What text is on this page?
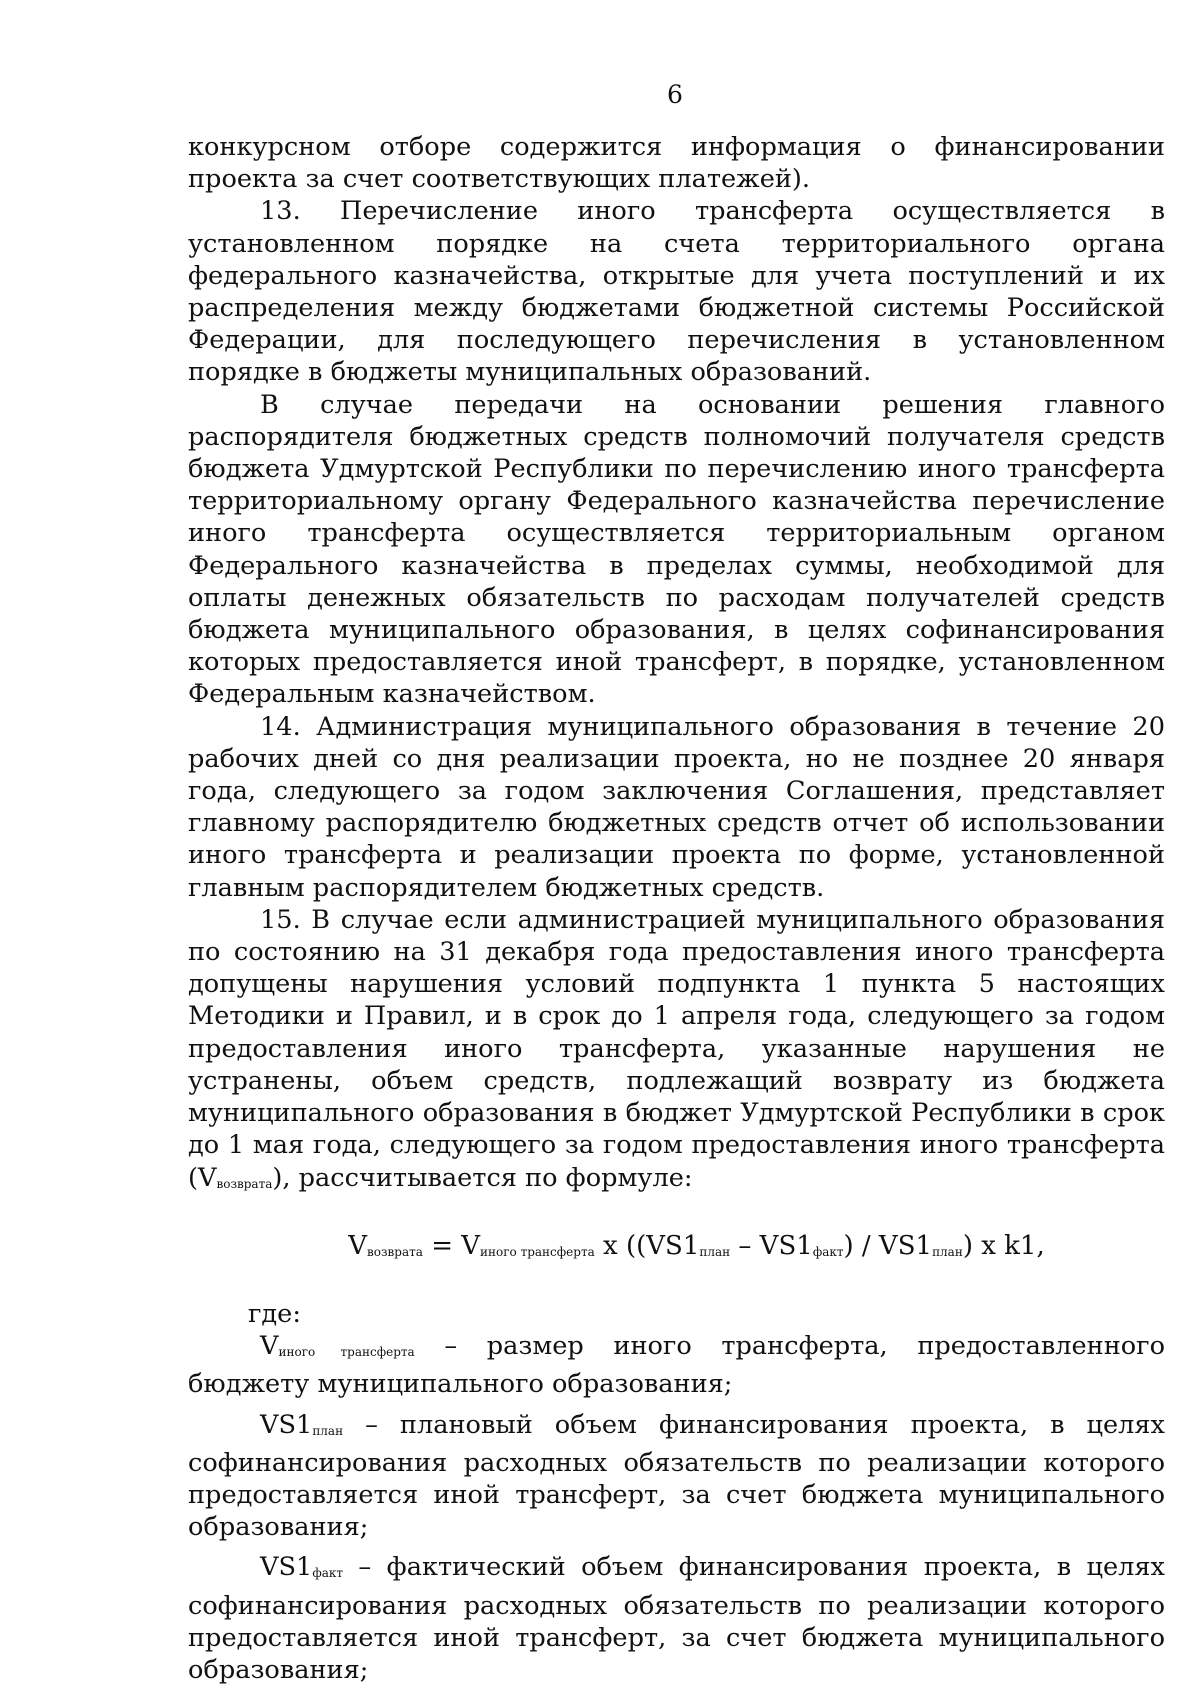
6

конкурсном отборе содержится информация о финансировании проекта за счет соответствующих платежей).

13. Перечисление иного трансферта осуществляется в установленном порядке на счета территориального органа федерального казначейства, открытые для учета поступлений и их распределения между бюджетами бюджетной системы Российской Федерации, для последующего перечисления в установленном порядке в бюджеты муниципальных образований.

В случае передачи на основании решения главного распорядителя бюджетных средств полномочий получателя средств бюджета Удмуртской Республики по перечислению иного трансферта территориальному органу Федерального казначейства перечисление иного трансферта осуществляется территориальным органом Федерального казначейства в пределах суммы, необходимой для оплаты денежных обязательств по расходам получателей средств бюджета муниципального образования, в целях софинансирования которых предоставляется иной трансферт, в порядке, установленном Федеральным казначейством.

14. Администрация муниципального образования в течение 20 рабочих дней со дня реализации проекта, но не позднее 20 января года, следующего за годом заключения Соглашения, представляет главному распорядителю бюджетных средств отчет об использовании иного трансферта и реализации проекта по форме, установленной главным распорядителем бюджетных средств.

15. В случае если администрацией муниципального образования по состоянию на 31 декабря года предоставления иного трансферта допущены нарушения условий подпункта 1 пункта 5 настоящих Методики и Правил, и в срок до 1 апреля года, следующего за годом предоставления иного трансферта, указанные нарушения не устранены, объем средств, подлежащий возврату из бюджета муниципального образования в бюджет Удмуртской Республики в срок до 1 мая года, следующего за годом предоставления иного трансферта $(V_{возврата})$, рассчитывается по формуле:

$V_{возврата} = V_{иного трансферта}$ x $((VS1_{план} - VS1_{факт}) / VS1_{план})$ x k1,

где:

$V_{иного трансферта}$ – размер иного трансферта, предоставленного бюджету муниципального образования;

$VS1_{план}$ – плановый объем финансирования проекта, в целях софинансирования расходных обязательств по реализации которого предоставляется иной трансферт, за счет бюджета муниципального образования;

$VS1_{факт}$ – фактический объем финансирования проекта, в целях софинансирования расходных обязательств по реализации которого предоставляется иной трансферт, за счет бюджета муниципального образования;
